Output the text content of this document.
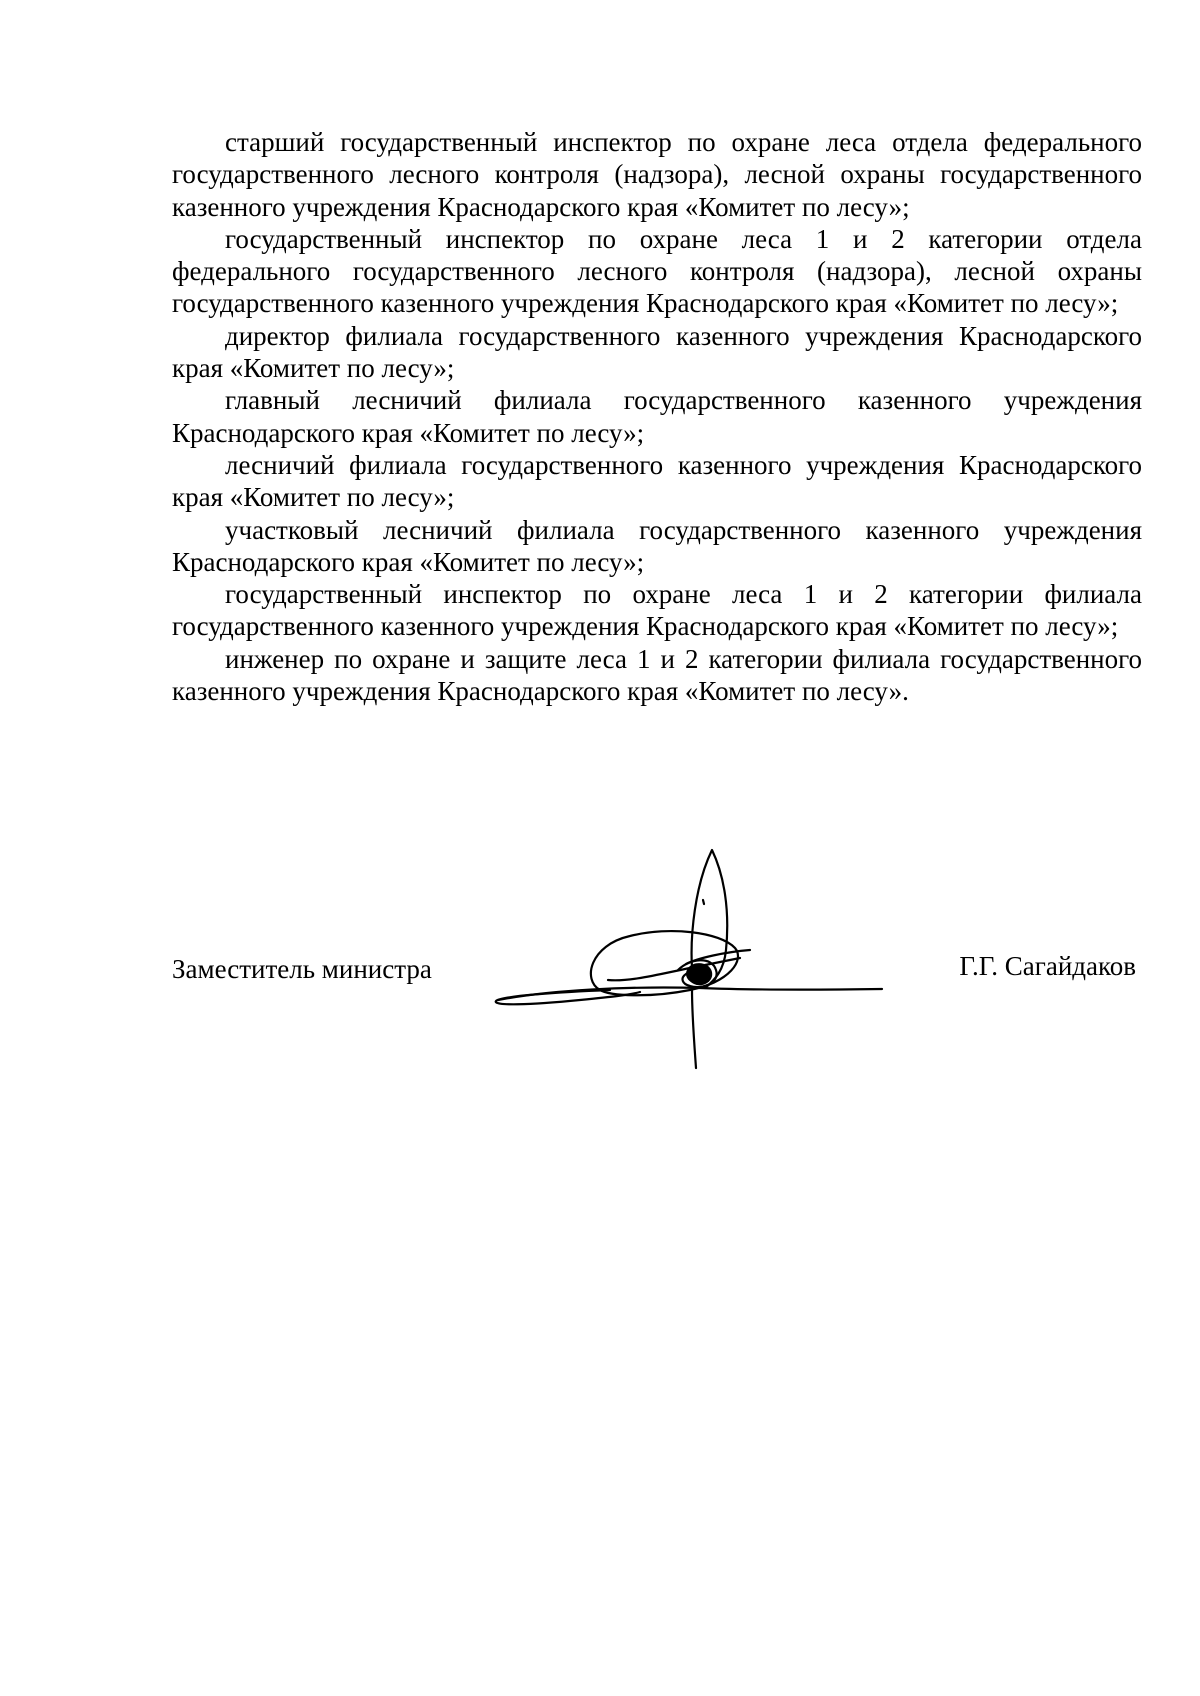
старший государственный инспектор по охране леса отдела федерального государственного лесного контроля (надзора), лесной охраны государственного казенного учреждения Краснодарского края «Комитет по лесу»;

государственный инспектор по охране леса 1 и 2 категории отдела федерального государственного лесного контроля (надзора), лесной охраны государственного казенного учреждения Краснодарского края «Комитет по лесу»;

директор филиала государственного казенного учреждения Краснодарского края «Комитет по лесу»;

главный лесничий филиала государственного казенного учреждения Краснодарского края «Комитет по лесу»;

лесничий филиала государственного казенного учреждения Краснодарского края «Комитет по лесу»;

участковый лесничий филиала государственного казенного учреждения Краснодарского края «Комитет по лесу»;

государственный инспектор по охране леса 1 и 2 категории филиала государственного казенного учреждения Краснодарского края «Комитет по лесу»;

инженер по охране и защите леса 1 и 2 категории филиала государственного казенного учреждения Краснодарского края «Комитет по лесу».

Заместитель министра	Г.Г. Сагайдаков
